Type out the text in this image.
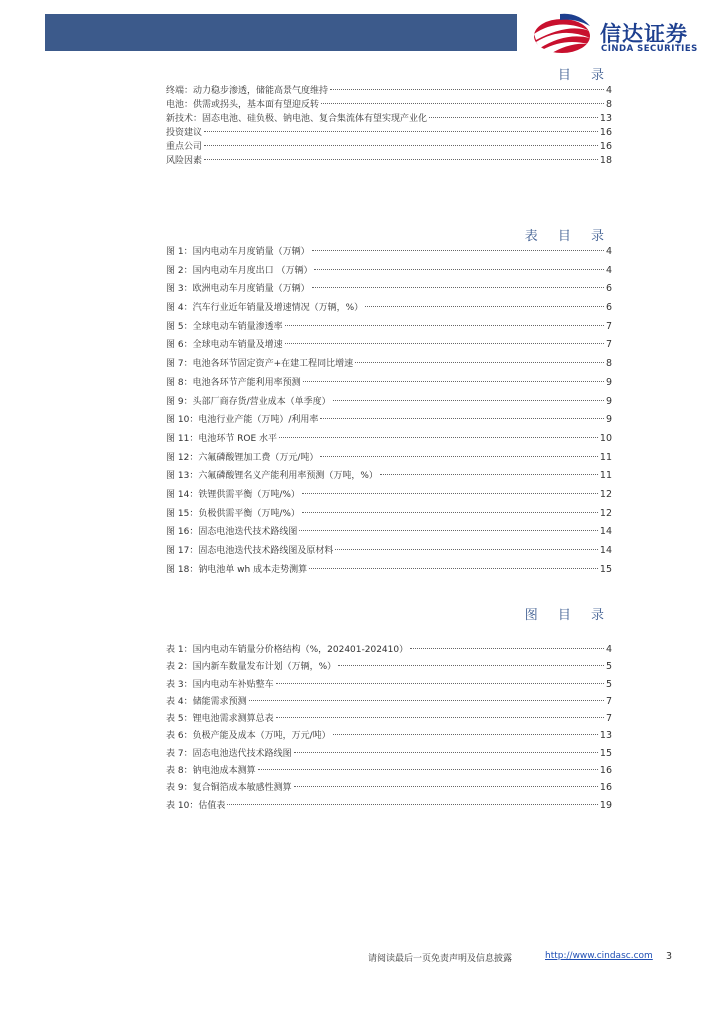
信达证券
CINDA SECURITIES
目 录
终端：动力稳步渗透，储能高景气度维持	4
电池：供需或拐头，基本面有望迎反转	8
新技术：固态电池、硅负极、钠电池、复合集流体有望实现产业化	13
投资建议	16
重点公司	16
风险因素	18
表 目 录
图 1：国内电动车月度销量（万辆）	4
图 2：国内电动车月度出口 （万辆）	4
图 3：欧洲电动车月度销量（万辆）	6
图 4：汽车行业近年销量及增速情况（万辆，%）	6
图 5：全球电动车销量渗透率	7
图 6：全球电动车销量及增速	7
图 7：电池各环节固定资产+在建工程同比增速	8
图 8：电池各环节产能利用率预测	9
图 9：头部厂商存货/营业成本（单季度）	9
图 10：电池行业产能（万吨）/利用率	9
图 11：电池环节 ROE 水平	10
图 12：六氟磷酸锂加工费（万元/吨）	11
图 13：六氟磷酸锂名义产能利用率预测（万吨，%）	11
图 14：铁锂供需平衡（万吨/%）	12
图 15：负极供需平衡（万吨/%）	12
图 16：固态电池迭代技术路线图	14
图 17：固态电池迭代技术路线图及原材料	14
图 18：钠电池单 wh 成本走势测算	15
图 目 录
表 1：国内电动车销量分价格结构（%，202401-202410）	4
表 2：国内新车数量发布计划（万辆，%）	5
表 3：国内电动车补贴整车	5
表 4：储能需求预测	7
表 5：锂电池需求测算总表	7
表 6：负极产能及成本（万吨，万元/吨）	13
表 7：固态电池迭代技术路线图	15
表 8：钠电池成本测算	16
表 9：复合铜箔成本敏感性测算	16
表 10：估值表	19
请阅读最后一页免责声明及信息披露	http://www.cindasc.com 3
